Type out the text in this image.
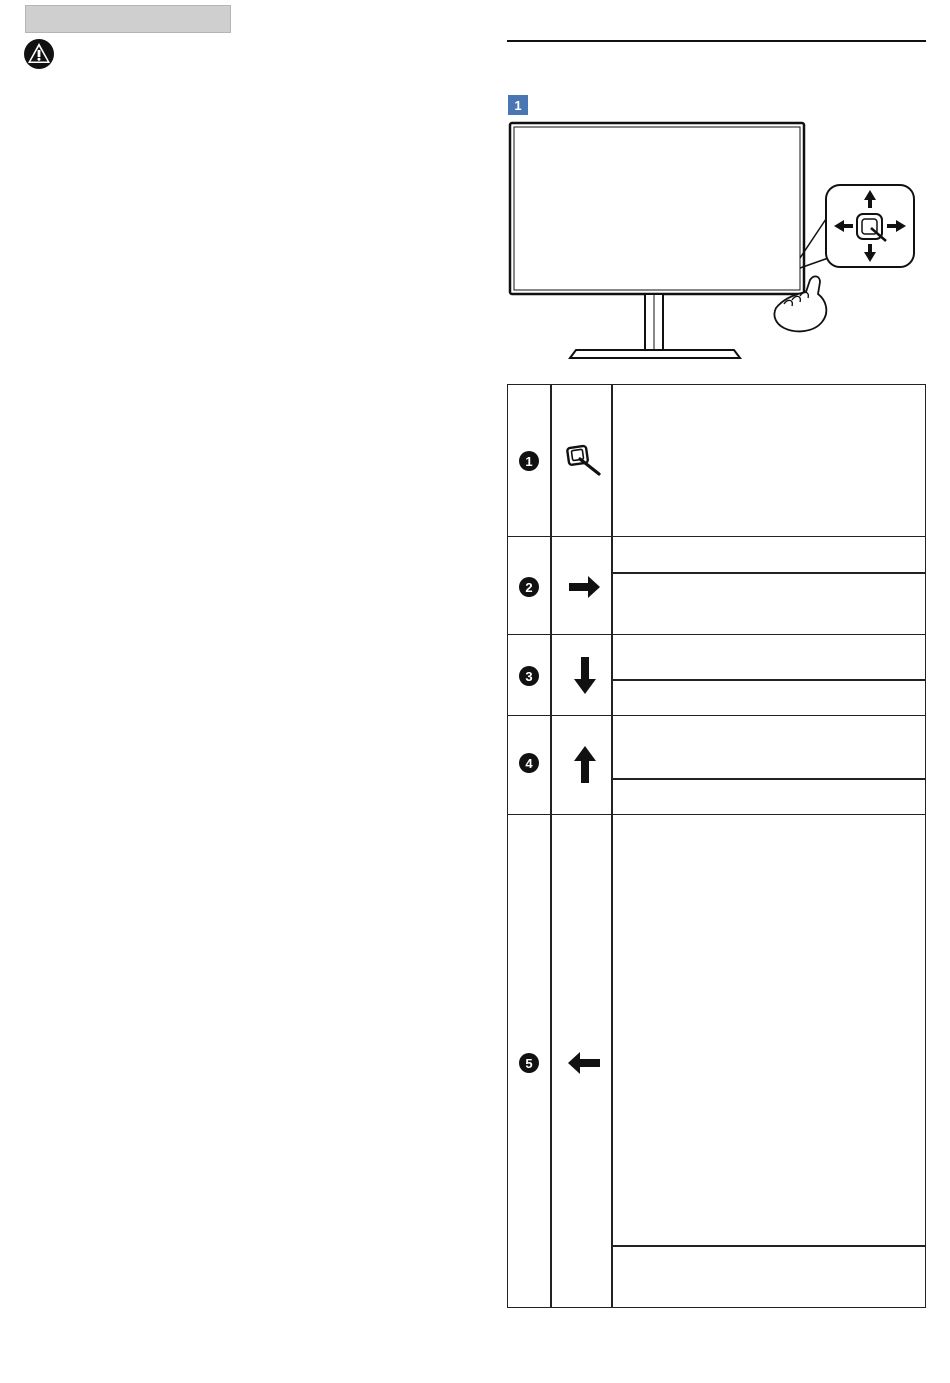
1
1
2
3
4
5
